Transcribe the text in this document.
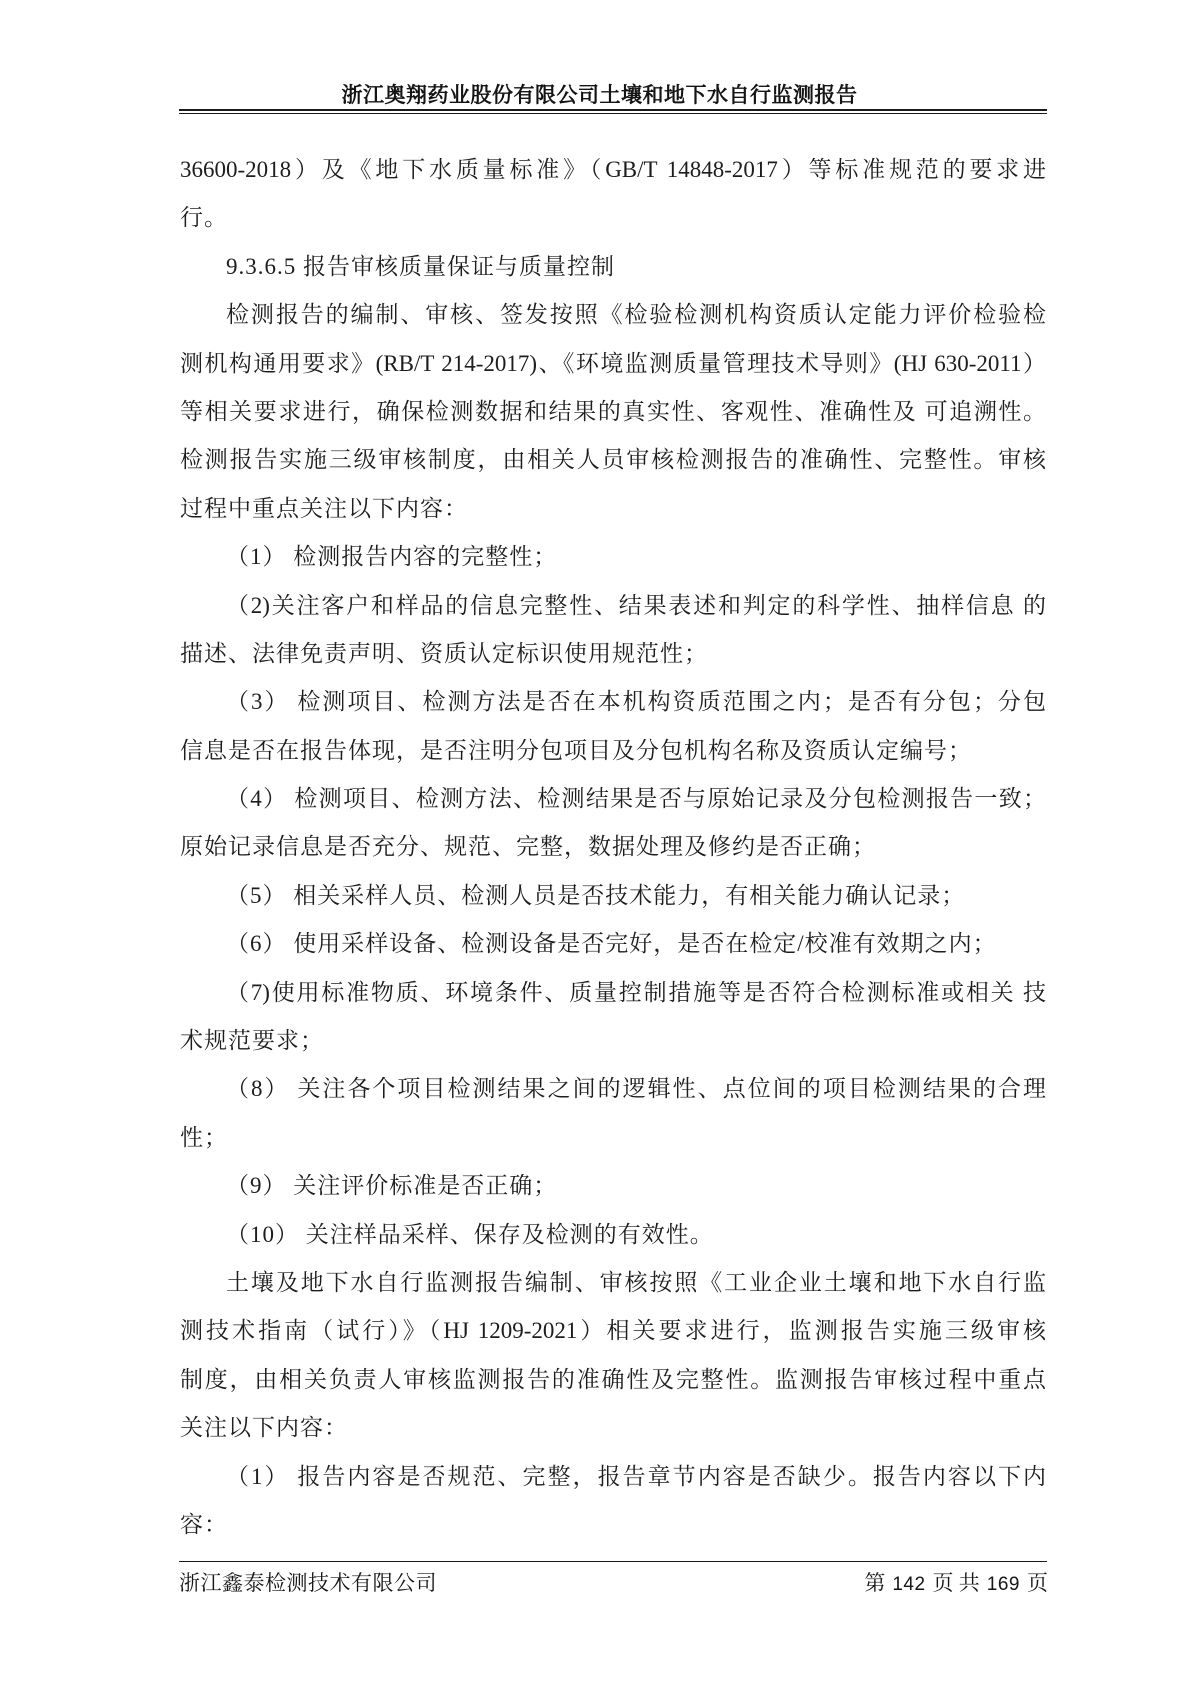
浙江奥翔药业股份有限公司土壤和地下水自行监测报告
36600-2018）及《地下水质量标准》（GB/T 14848-2017）等标准规范的要求进
行。
9.3.6.5 报告审核质量保证与质量控制
检测报告的编制、审核、签发按照《检验检测机构资质认定能力评价检验检
测机构通用要求》(RB/T 214-2017)、《环境监测质量管理技术导则》(HJ 630-2011）
等相关要求进行，确保检测数据和结果的真实性、客观性、准确性及 可追溯性。
检测报告实施三级审核制度，由相关人员审核检测报告的准确性、完整性。审核
过程中重点关注以下内容：
（1） 检测报告内容的完整性；
（2)关注客户和样品的信息完整性、结果表述和判定的科学性、抽样信息 的
描述、法律免责声明、资质认定标识使用规范性；
（3） 检测项目、检测方法是否在本机构资质范围之内；是否有分包；分包
信息是否在报告体现，是否注明分包项目及分包机构名称及资质认定编号；
（4） 检测项目、检测方法、检测结果是否与原始记录及分包检测报告一致；
原始记录信息是否充分、规范、完整，数据处理及修约是否正确；
（5） 相关采样人员、检测人员是否技术能力，有相关能力确认记录；
（6） 使用采样设备、检测设备是否完好，是否在检定/校准有效期之内；
（7)使用标准物质、环境条件、质量控制措施等是否符合检测标准或相关 技
术规范要求；
（8） 关注各个项目检测结果之间的逻辑性、点位间的项目检测结果的合理
性；
（9） 关注评价标准是否正确；
（10） 关注样品采样、保存及检测的有效性。
土壤及地下水自行监测报告编制、审核按照《工业企业土壤和地下水自行监
测技术指南（试行）》（HJ 1209-2021）相关要求进行，监测报告实施三级审核
制度，由相关负责人审核监测报告的准确性及完整性。监测报告审核过程中重点
关注以下内容：
（1） 报告内容是否规范、完整，报告章节内容是否缺少。报告内容以下内
容：
浙江鑫泰检测技术有限公司	第 142 页 共 169 页
